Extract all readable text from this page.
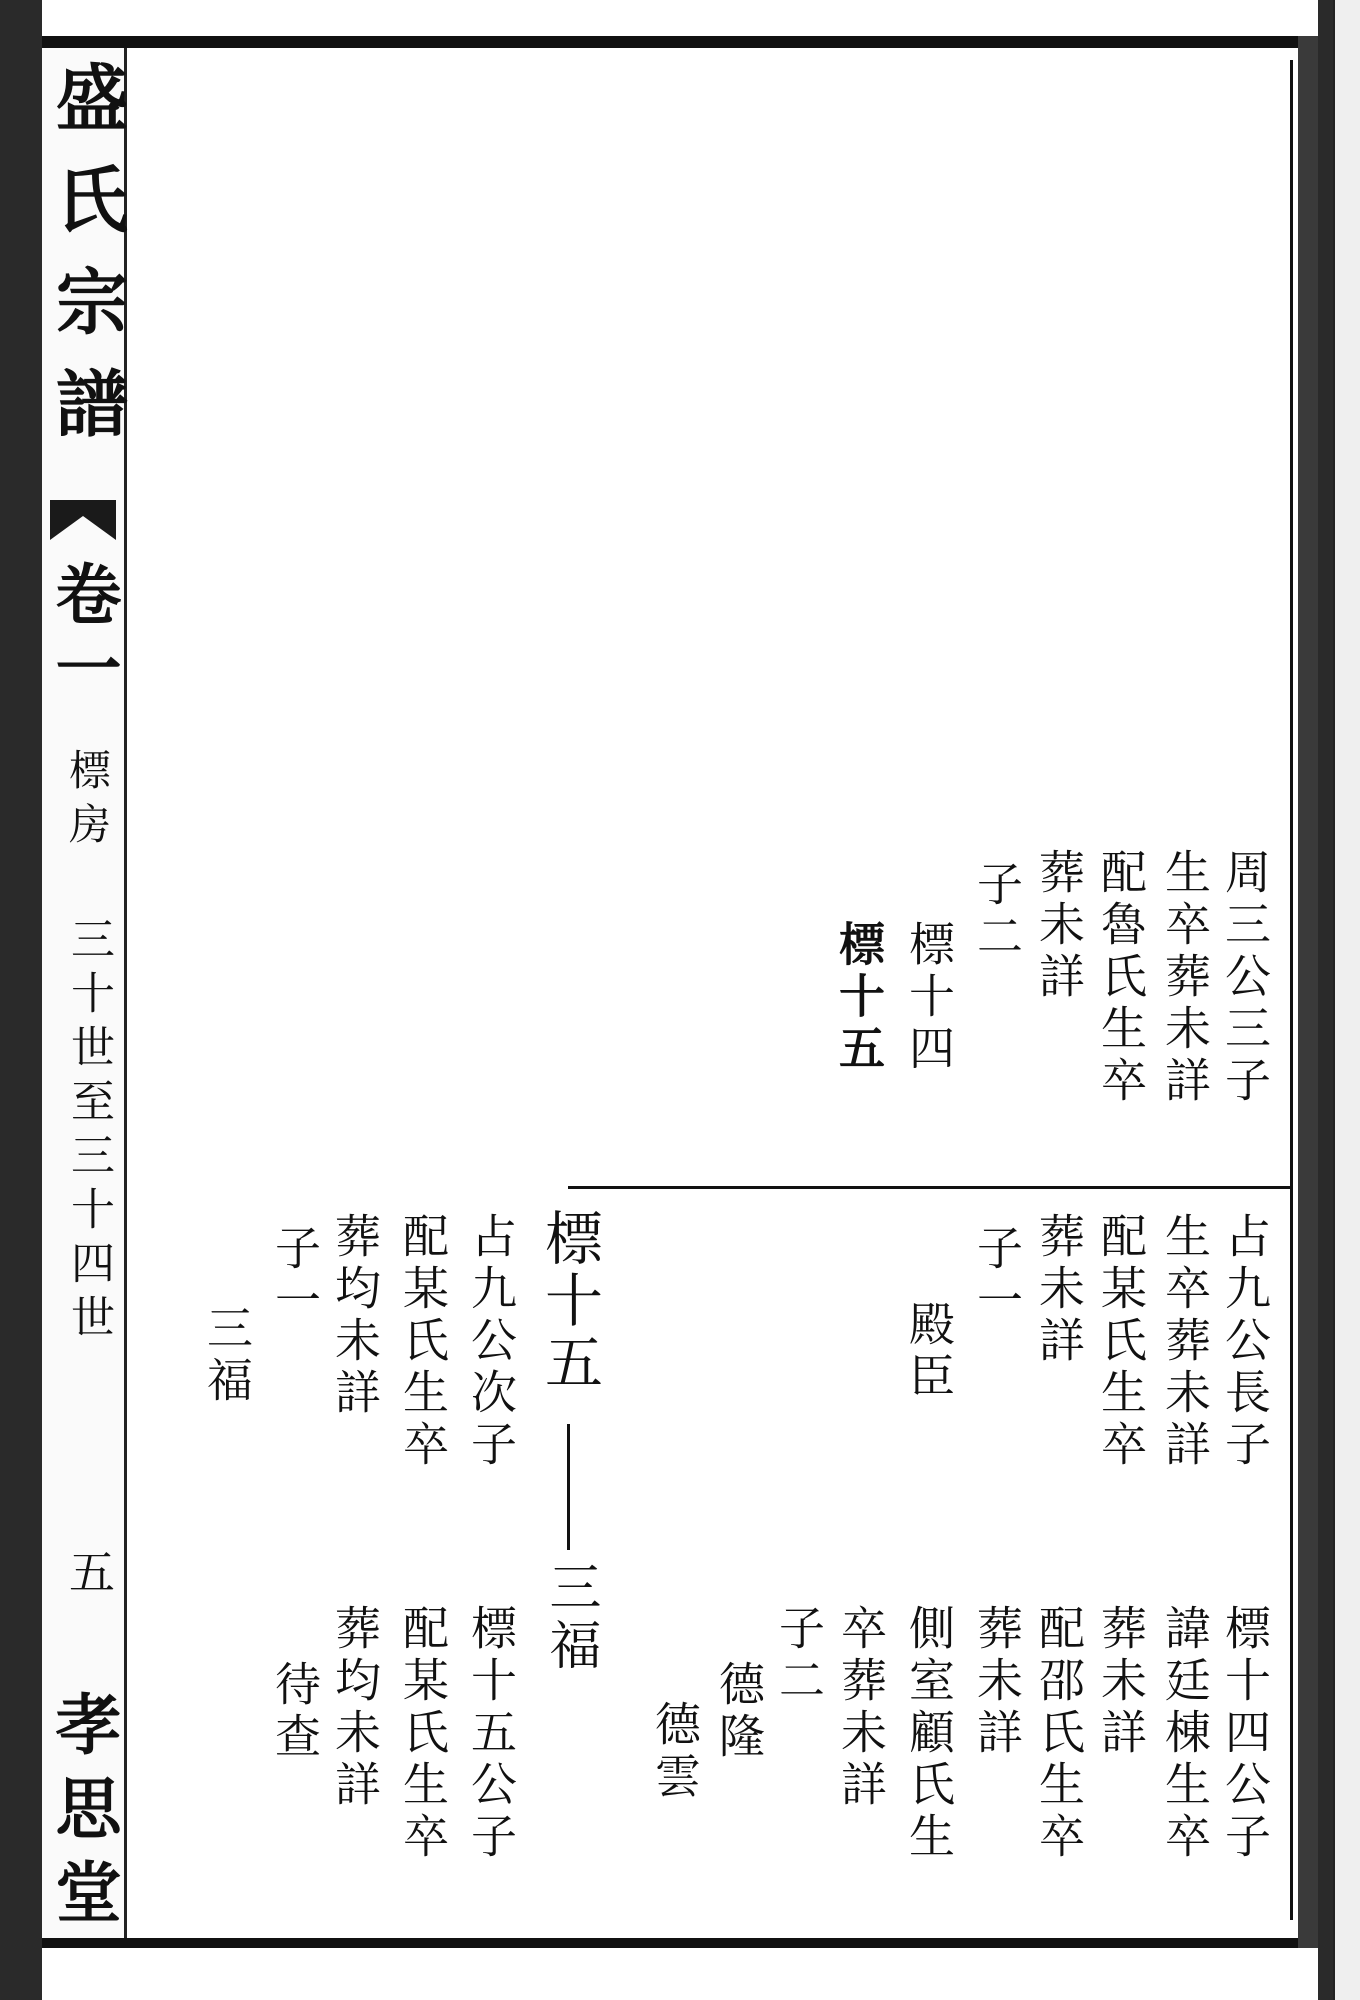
盛氏宗譜
卷一
標房
三十世至三十四世
五
孝思堂
周三公三子
生卒葬未詳
配魯氏生卒
葬未詳
子二
標十四
標十五
占九公長子
生卒葬未詳
配某氏生卒
葬未詳
子一
殿臣
標十四公子
諱廷棟生卒
葬未詳
配邵氏生卒
葬未詳
側室顧氏生
卒葬未詳
子二
德隆
德雲
標十五
占九公次子
配某氏生卒
葬均未詳
子一
三福
三福
標十五公子
配某氏生卒
葬均未詳
待查
